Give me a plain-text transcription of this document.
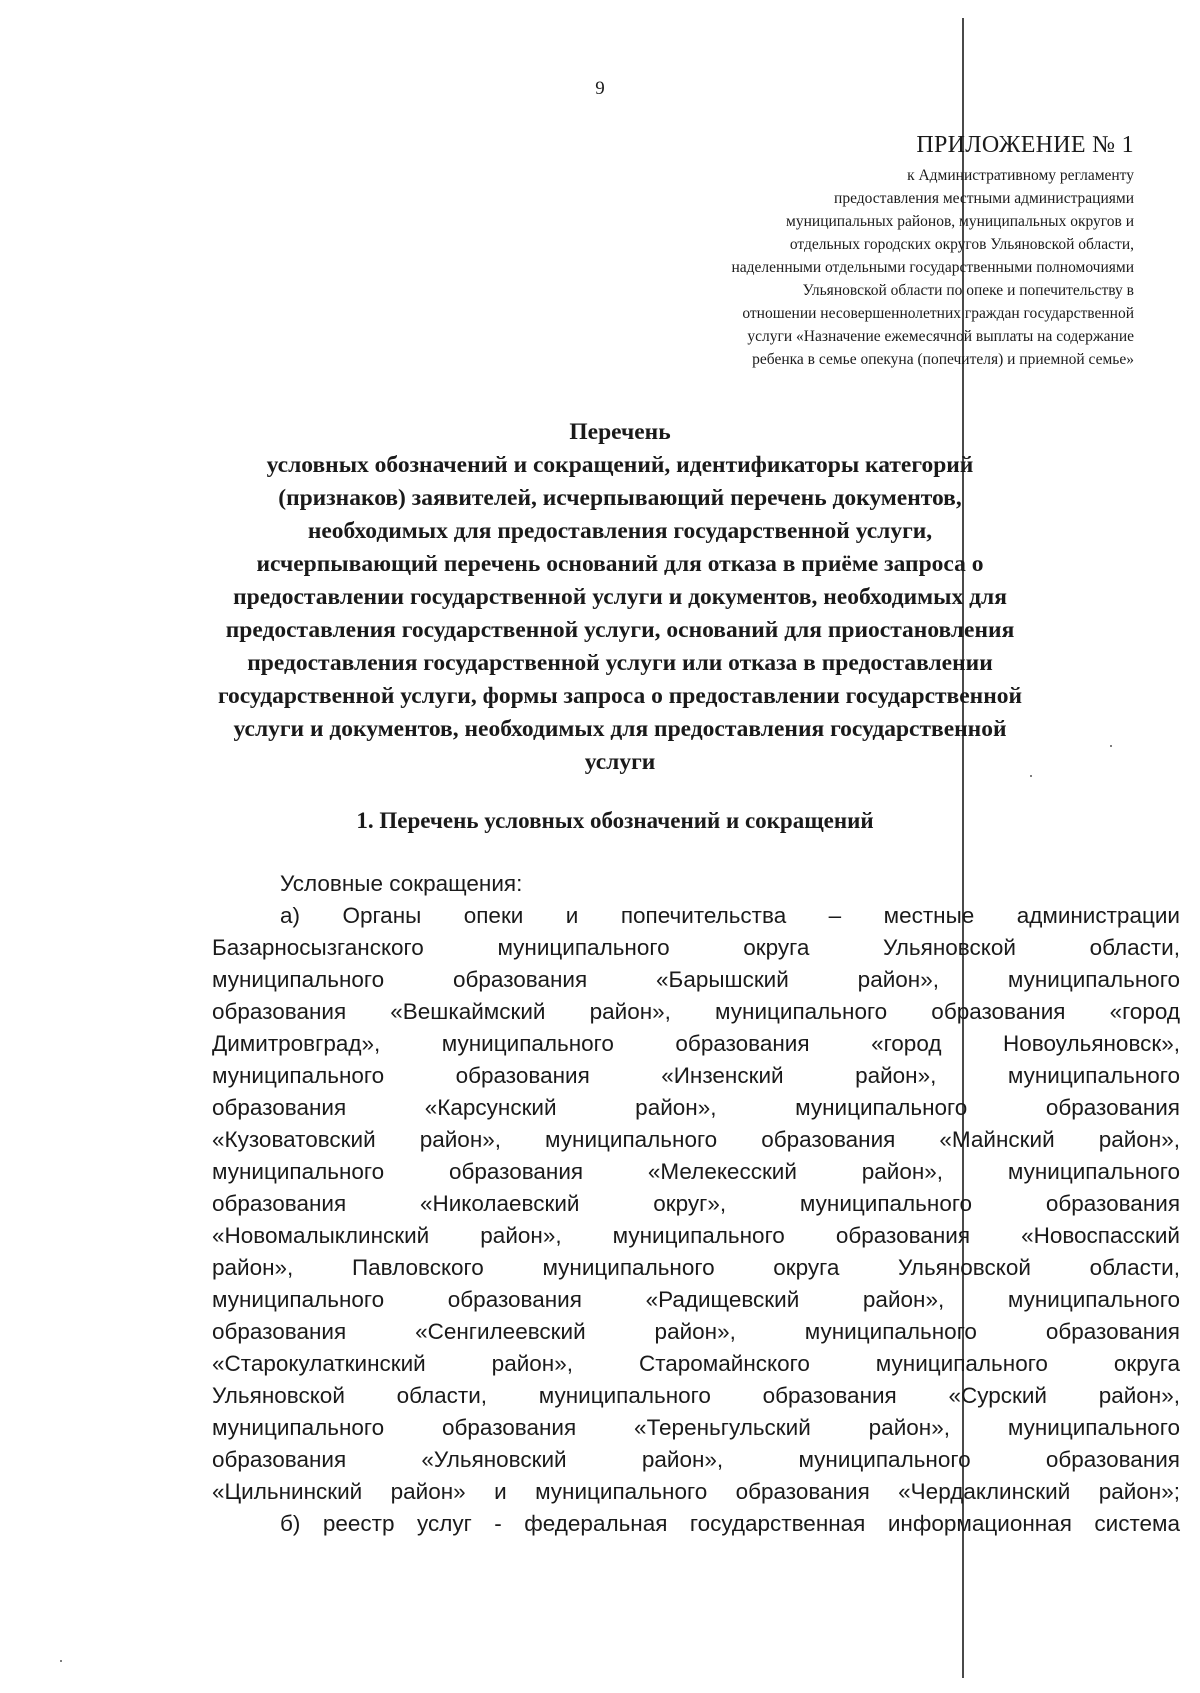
9
ПРИЛОЖЕНИЕ № 1
к Административному регламенту
предоставления местными администрациями
муниципальных районов, муниципальных округов и
отдельных городских округов Ульяновской области,
наделенными отдельными государственными полномочиями
Ульяновской области по опеке и попечительству в
отношении несовершеннолетних граждан государственной
услуги «Назначение ежемесячной выплаты на содержание
ребенка в семье опекуна (попечителя) и приемной семье»
Перечень
условных обозначений и сокращений, идентификаторы категорий
(признаков) заявителей, исчерпывающий перечень документов,
необходимых для предоставления государственной услуги,
исчерпывающий перечень оснований для отказа в приёме запроса о
предоставлении государственной услуги и документов, необходимых для
предоставления государственной услуги, оснований для приостановления
предоставления государственной услуги или отказа в предоставлении
государственной услуги, формы запроса о предоставлении государственной
услуги и документов, необходимых для предоставления государственной
услуги
1. Перечень условных обозначений и сокращений
Условные сокращения:
а) Органы опеки и попечительства – местные администрации
Базарносызганского муниципального округа Ульяновской области,
муниципального образования «Барышский район», муниципального
образования «Вешкаймский район», муниципального образования «город
Димитровград», муниципального образования «город Новоульяновск»,
муниципального образования «Инзенский район», муниципального
образования «Карсунский район», муниципального образования
«Кузоватовский район», муниципального образования «Майнский район»,
муниципального образования «Мелекесский район», муниципального
образования «Николаевский округ», муниципального образования
«Новомалыклинский район», муниципального образования «Новоспасский
район», Павловского муниципального округа Ульяновской области,
муниципального образования «Радищевский район», муниципального
образования «Сенгилеевский район», муниципального образования
«Старокулаткинский район», Старомайнского муниципального округа
Ульяновской области, муниципального образования «Сурский район»,
муниципального образования «Тереньгульский район», муниципального
образования «Ульяновский район», муниципального образования
«Цильнинский район» и муниципального образования «Чердаклинский район»;
б) реестр услуг - федеральная государственная информационная система
